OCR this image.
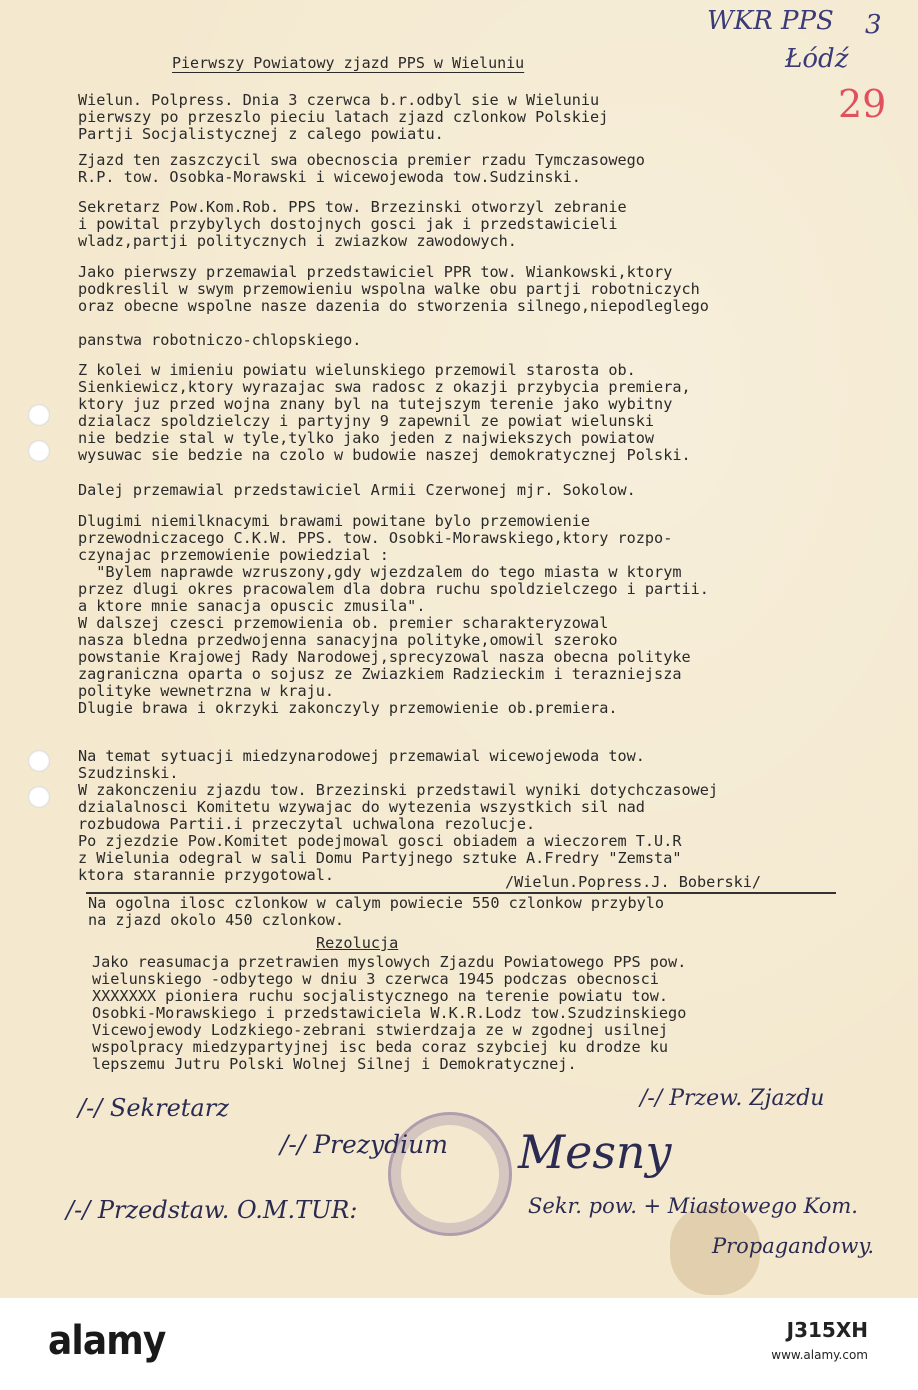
WKR PPS 3
Łódź
29
Pierwszy Powiatowy zjazd PPS w Wieluniu
Wielun. Polpress. Dnia 3 czerwca b.r.odbyl sie w Wieluniu
pierwszy po przeszlo pieciu latach zjazd czlonkow Polskiej
Partji Socjalistycznej z calego powiatu.
Zjazd ten zaszczycil swa obecnoscia premier rzadu Tymczasowego
R.P. tow. Osobka-Morawski i wicewojewoda tow.Sudzinski.
Sekretarz Pow.Kom.Rob. PPS tow. Brzezinski otworzyl zebranie
i powital przybylych dostojnych gosci jak i przedstawicieli
wladz,partji politycznych i zwiazkow zawodowych.
Jako pierwszy przemawial przedstawiciel PPR tow. Wiankowski,ktory
podkreslil w swym przemowieniu wspolna walke obu partji robotniczych
oraz obecne wspolne nasze dazenia do stworzenia silnego,niepodleglego

panstwa robotniczo-chlopskiego.
Z kolei w imieniu powiatu wielunskiego przemowil starosta ob.
Sienkiewicz,ktory wyrazajac swa radosc z okazji przybycia premiera,
ktory juz przed wojna znany byl na tutejszym terenie jako wybitny
dzialacz spoldzielczy i partyjny 9 zapewnil ze powiat wielunski
nie bedzie stal w tyle,tylko jako jeden z najwiekszych powiatow
wysuwac sie bedzie na czolo w budowie naszej demokratycznej Polski.
Dalej przemawial przedstawiciel Armii Czerwonej mjr. Sokolow.
Dlugimi niemilknacymi brawami powitane bylo przemowienie
przewodniczacego C.K.W. PPS. tow. Osobki-Morawskiego,ktory rozpo-
czynajac przemowienie powiedzial :
"Bylem naprawde wzruszony,gdy wjezdzalem do tego miasta w ktorym
przez dlugi okres pracowalem dla dobra ruchu spoldzielczego i partii.
a ktore mnie sanacja opuscic zmusila".
W dalszej czesci przemowienia ob. premier scharakteryzowal
nasza bledna przedwojenna sanacyjna polityke,omowil szeroko
powstanie Krajowej Rady Narodowej,sprecyzowal nasza obecna polityke
zagraniczna oparta o sojusz ze Zwiazkiem Radzieckim i terazniejsza
polityke wewnetrzna w kraju.
Dlugie brawa i okrzyki zakonczyly przemowienie ob.premiera.
Na temat sytuacji miedzynarodowej przemawial wicewojewoda tow.
Szudzinski.
W zakonczeniu zjazdu tow. Brzezinski przedstawil wyniki dotychczasowej
dzialalnosci Komitetu wzywajac do wytezenia wszystkich sil nad
rozbudowa Partii.i przeczytal uchwalona rezolucje.
Po zjezdzie Pow.Komitet podejmowal gosci obiadem a wieczorem T.U.R
z Wielunia odegral w sali Domu Partyjnego sztuke A.Fredry "Zemsta"
ktora starannie przygotowal.	/Wielun.Popress.J. Boberski/
Na ogolna ilosc czlonkow w calym powiecie 550 czlonkow przybylo
na zjazd okolo 450 czlonkow.
Rezolucja
Jako reasumacja przetrawien myslowych Zjazdu Powiatowego PPS pow.
wielunskiego -odbytego w dniu 3 czerwca 1945 podczas obecnosci
XXXXXXX pioniera ruchu socjalistycznego na terenie powiatu tow.
Osobki-Morawskiego i przedstawiciela W.K.R.Lodz tow.Szudzinskiego
Vicewojewody Lodzkiego-zebrani stwierdzaja ze w zgodnej usilnej
wspolpracy miedzypartyjnej isc beda coraz szybciej ku drodze ku
lepszemu Jutru Polski Wolnej Silnej i Demokratycznej.
/-/ Sekretarz	/-/ Przew. Zjazdu
/-/ Prezydium Mesny
/-/ Przedstaw. O.M.TUR:	Sekr. pow. + Miastowego Kom.
Propagandowy.
alamy	J315XH
www.alamy.com
